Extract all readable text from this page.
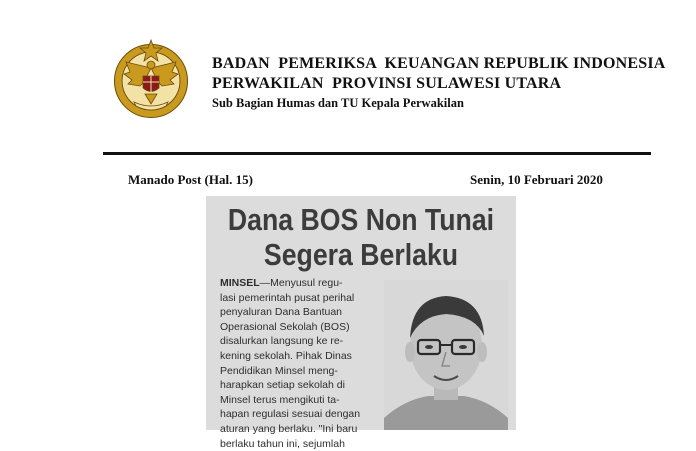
BADAN  PEMERIKSA  KEUANGAN REPUBLIK INDONESIA
PERWAKILAN  PROVINSI SULAWESI UTARA
Sub Bagian Humas dan TU Kepala Perwakilan
Manado Post (Hal. 15)	Senin, 10 Februari 2020
Dana BOS Non Tunai
Segera Berlaku

MINSEL—Menyusul regu-
lasi pemerintah pusat perihal
penyaluran Dana Bantuan
Operasional Sekolah (BOS)
disalurkan langsung ke re-
kening sekolah. Pihak Dinas
Pendidikan Minsel meng-
harapkan setiap sekolah di
Minsel terus mengikuti ta-
hapan regulasi sesuai dengan
aturan yang berlaku. "Ini baru
berlaku tahun ini, sejumlah
